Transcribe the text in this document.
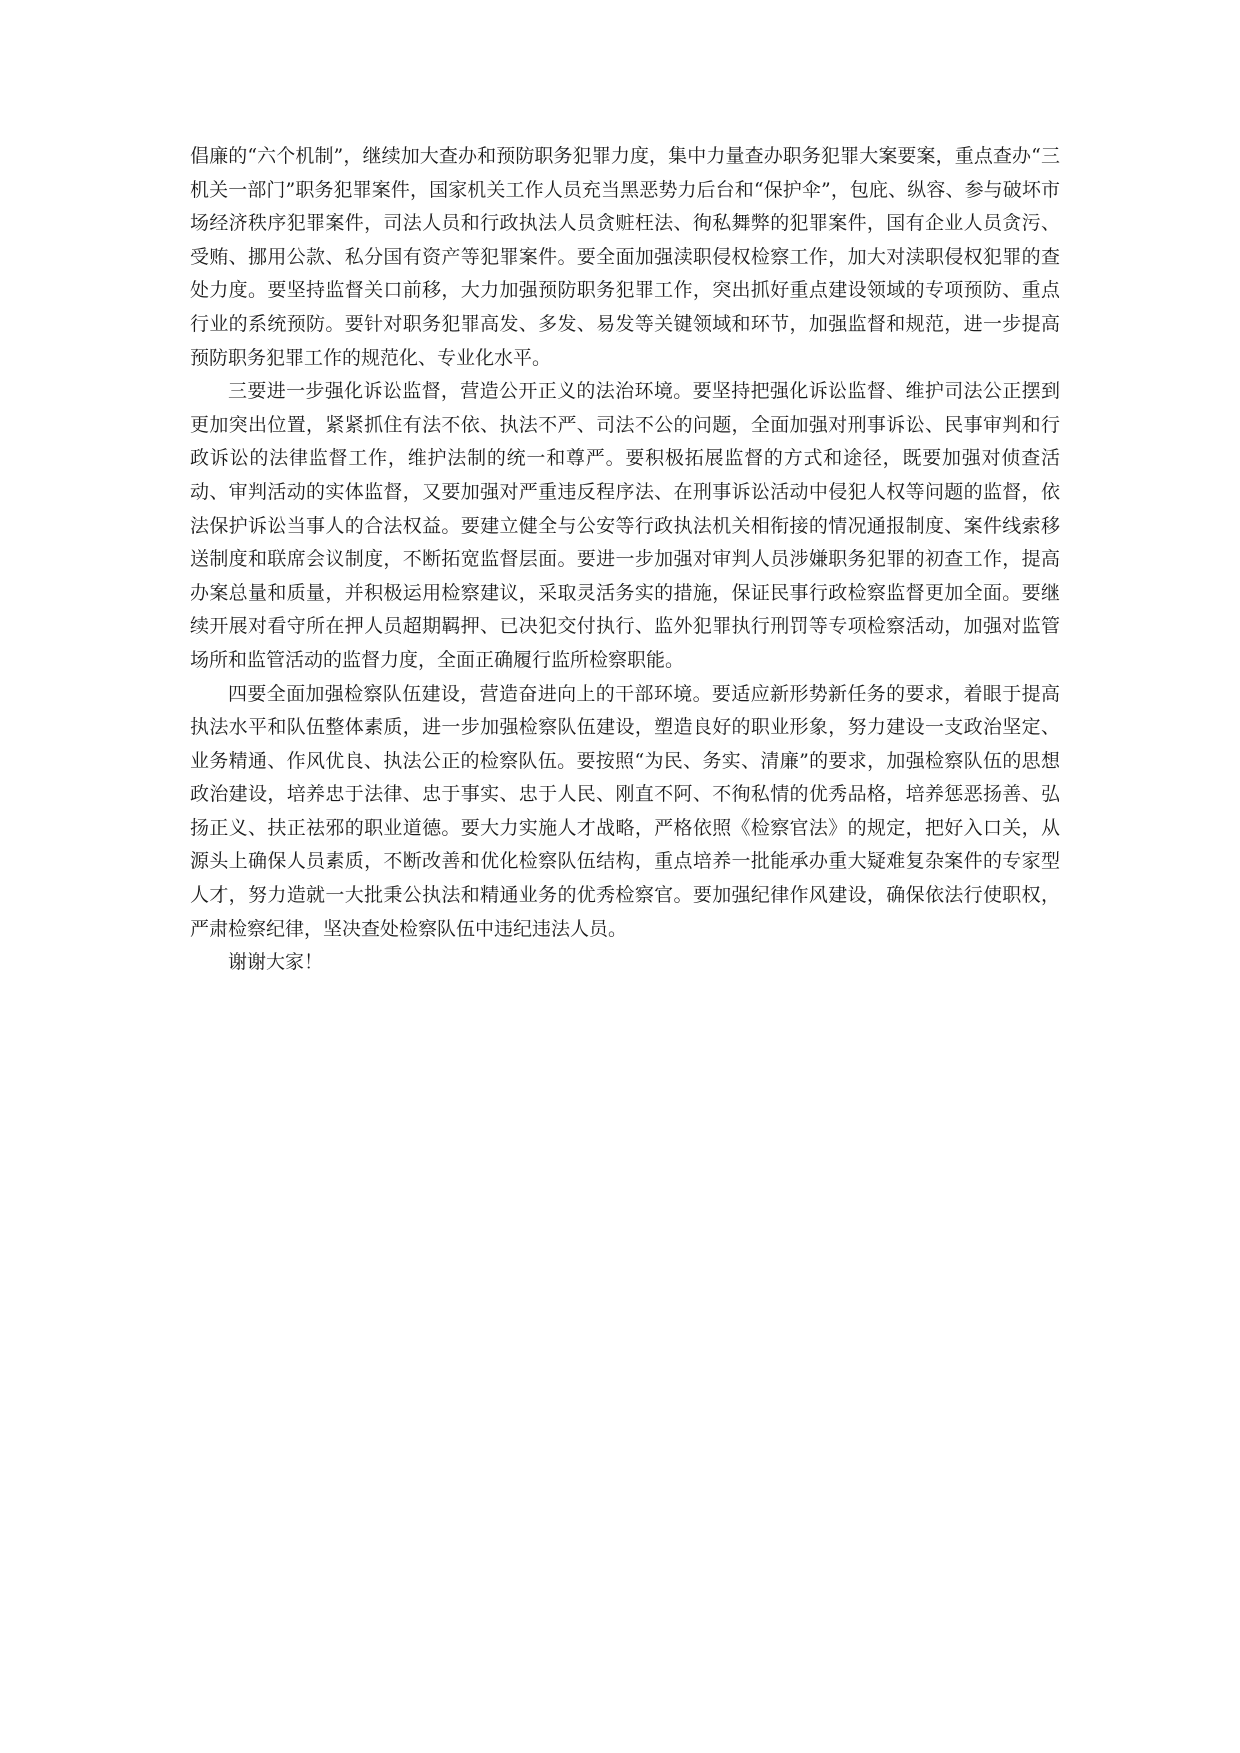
倡廉的“六个机制”，继续加大查办和预防职务犯罪力度，集中力量查办职务犯罪大案要案，重点查办“三机关一部门”职务犯罪案件，国家机关工作人员充当黑恶势力后台和“保护伞”，包庇、纵容、参与破坏市场经济秩序犯罪案件，司法人员和行政执法人员贪赃枉法、徇私舞弊的犯罪案件，国有企业人员贪污、受贿、挪用公款、私分国有资产等犯罪案件。要全面加强渎职侵权检察工作，加大对渎职侵权犯罪的查处力度。要坚持监督关口前移，大力加强预防职务犯罪工作，突出抓好重点建设领域的专项预防、重点行业的系统预防。要针对职务犯罪高发、多发、易发等关键领域和环节，加强监督和规范，进一步提高预防职务犯罪工作的规范化、专业化水平。

三要进一步强化诉讼监督，营造公开正义的法治环境。要坚持把强化诉讼监督、维护司法公正摆到更加突出位置，紧紧抓住有法不依、执法不严、司法不公的问题，全面加强对刑事诉讼、民事审判和行政诉讼的法律监督工作，维护法制的统一和尊严。要积极拓展监督的方式和途径，既要加强对侦查活动、审判活动的实体监督，又要加强对严重违反程序法、在刑事诉讼活动中侵犯人权等问题的监督，依法保护诉讼当事人的合法权益。要建立健全与公安等行政执法机关相衔接的情况通报制度、案件线索移送制度和联席会议制度，不断拓宽监督层面。要进一步加强对审判人员涉嫌职务犯罪的初查工作，提高办案总量和质量，并积极运用检察建议，采取灵活务实的措施，保证民事行政检察监督更加全面。要继续开展对看守所在押人员超期羁押、已决犯交付执行、监外犯罪执行刑罚等专项检察活动，加强对监管场所和监管活动的监督力度，全面正确履行监所检察职能。

四要全面加强检察队伍建设，营造奋进向上的干部环境。要适应新形势新任务的要求，着眼于提高执法水平和队伍整体素质，进一步加强检察队伍建设，塑造良好的职业形象，努力建设一支政治坚定、业务精通、作风优良、执法公正的检察队伍。要按照“为民、务实、清廉”的要求，加强检察队伍的思想政治建设，培养忠于法律、忠于事实、忠于人民、刚直不阿、不徇私情的优秀品格，培养惩恶扬善、弘扬正义、扶正祛邪的职业道德。要大力实施人才战略，严格依照《检察官法》的规定，把好入口关，从源头上确保人员素质，不断改善和优化检察队伍结构，重点培养一批能承办重大疑难复杂案件的专家型人才，努力造就一大批秉公执法和精通业务的优秀检察官。要加强纪律作风建设，确保依法行使职权，严肃检察纪律，坚决查处检察队伍中违纪违法人员。

谢谢大家！
